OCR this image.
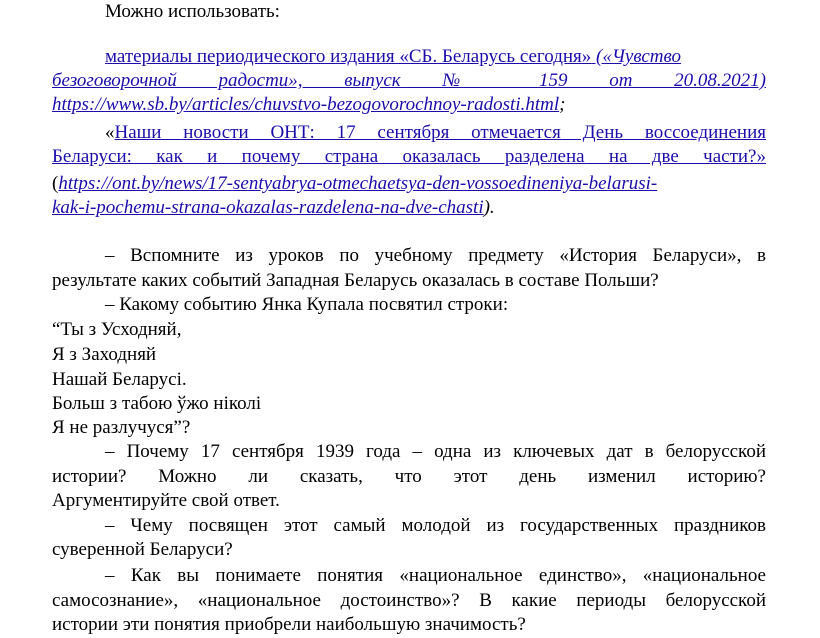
Можно использовать:
материалы периодического издания «СБ. Беларусь сегодня» («Чувство
безоговорочной радости», выпуск № 159 от 20.08.2021)
https://www.sb.by/articles/chuvstvo-bezogovorochnoy-radosti.html;
«Наши новости ОНТ: 17 сентября отмечается День воссоединения
Беларуси: как и почему страна оказалась разделена на две части?»
(https://ont.by/news/17-sentyabrya-otmechaetsya-den-vossoedineniya-belarusi-
kak-i-pochemu-strana-okazalas-razdelena-na-dve-chasti).
– Вспомните из уроков по учебному предмету «История Беларуси», в
результате каких событий Западная Беларусь оказалась в составе Польши?
– Какому событию Янка Купала посвятил строки:
“Ты з Усходняй,
Я з Заходняй
Нашай Беларусі.
Больш з табою ўжо ніколі
Я не разлучуся”?
– Почему 17 сентября 1939 года – одна из ключевых дат в белорусской
истории? Можно ли сказать, что этот день изменил историю?
Аргументируйте свой ответ.
– Чему посвящен этот самый молодой из государственных праздников
суверенной Беларуси?
– Как вы понимаете понятия «национальное единство», «национальное
самосознание», «национальное достоинство»? В какие периоды белорусской
истории эти понятия приобрели наибольшую значимость?
